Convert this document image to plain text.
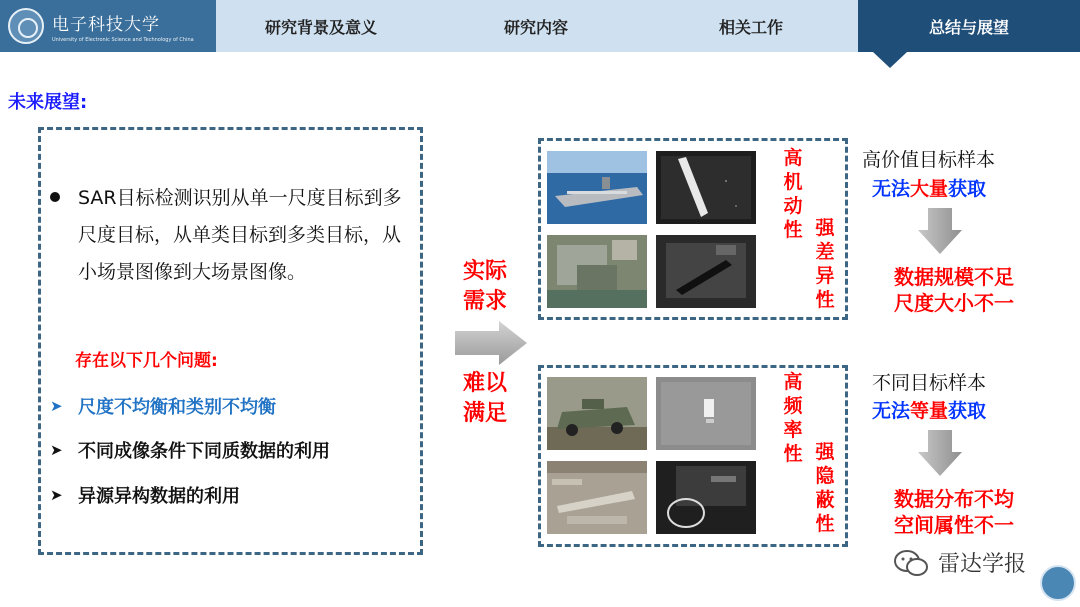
电子科技大学
University of Electronic Science and Technology of China
研究背景及意义	研究内容	相关工作	总结与展望
未来展望:
SAR目标检测识别从单一尺度目标到多尺度目标，从单类目标到多类目标，从小场景图像到大场景图像。
存在以下几个问题:
➤ 尺度不均衡和类别不均衡
➤ 不同成像条件下同质数据的利用
➤ 异源异构数据的利用
实际
需求
难以
满足
高机动性 强差异性
高价值目标样本
无法大量获取
数据规模不足
尺度大小不一
高频率性 强隐蔽性
不同目标样本
无法等量获取
数据分布不均
空间属性不一
雷达学报
